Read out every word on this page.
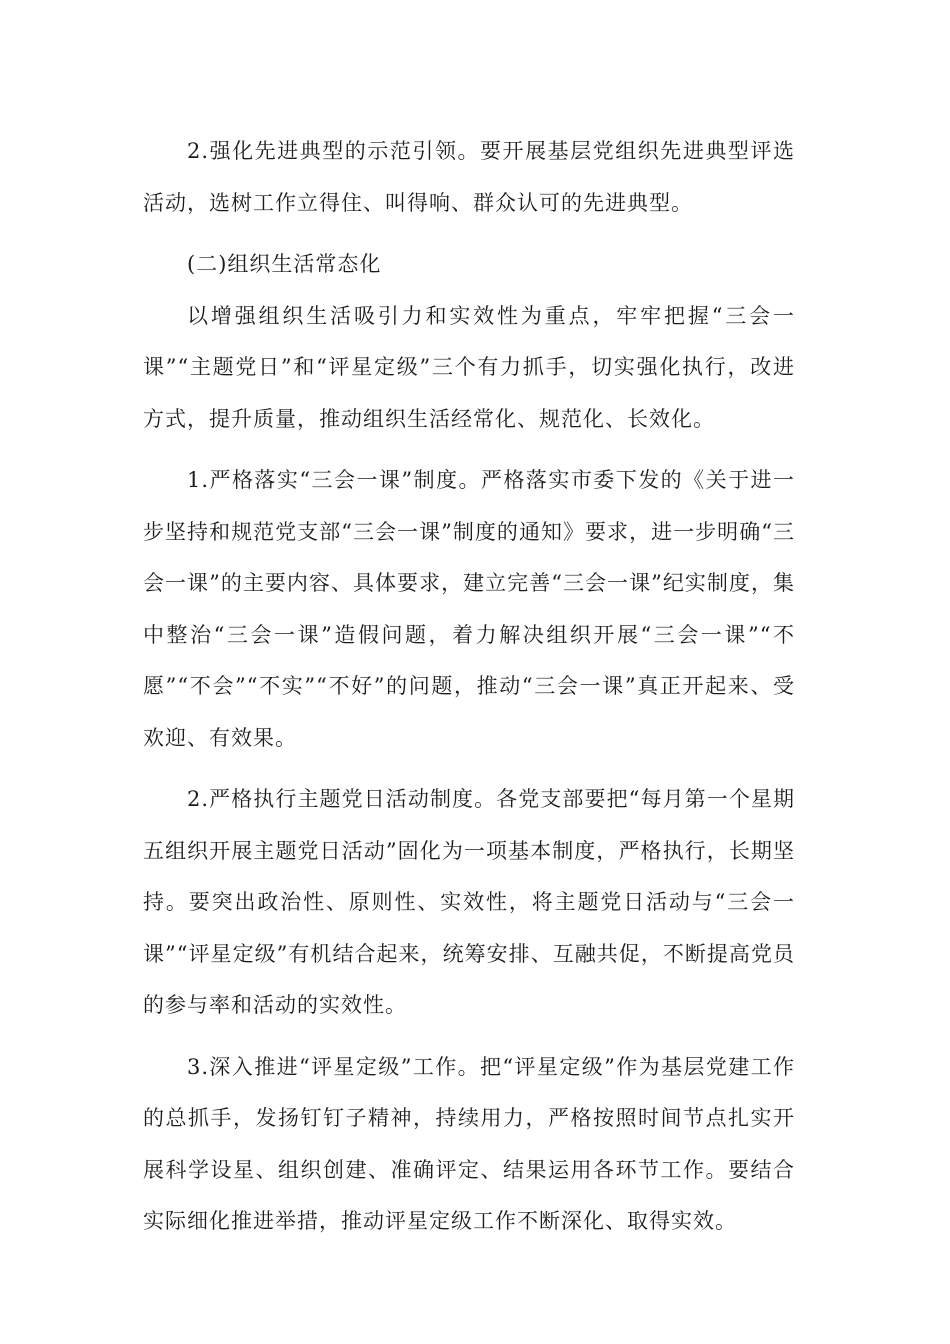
2.强化先进典型的示范引领。要开展基层党组织先进典型评选活动，选树工作立得住、叫得响、群众认可的先进典型。

(二)组织生活常态化

以增强组织生活吸引力和实效性为重点，牢牢把握“三会一课”“主题党日”和“评星定级”三个有力抓手，切实强化执行，改进方式，提升质量，推动组织生活经常化、规范化、长效化。

1.严格落实“三会一课”制度。严格落实市委下发的《关于进一步坚持和规范党支部“三会一课”制度的通知》要求，进一步明确“三会一课”的主要内容、具体要求，建立完善“三会一课”纪实制度，集中整治“三会一课”造假问题，着力解决组织开展“三会一课”“不愿”“不会”“不实”“不好”的问题，推动“三会一课”真正开起来、受欢迎、有效果。

2.严格执行主题党日活动制度。各党支部要把“每月第一个星期五组织开展主题党日活动”固化为一项基本制度，严格执行，长期坚持。要突出政治性、原则性、实效性，将主题党日活动与“三会一课”“评星定级”有机结合起来，统筹安排、互融共促，不断提高党员的参与率和活动的实效性。

3.深入推进“评星定级”工作。把“评星定级”作为基层党建工作的总抓手，发扬钉钉子精神，持续用力，严格按照时间节点扎实开展科学设星、组织创建、准确评定、结果运用各环节工作。要结合实际细化推进举措，推动评星定级工作不断深化、取得实效。
